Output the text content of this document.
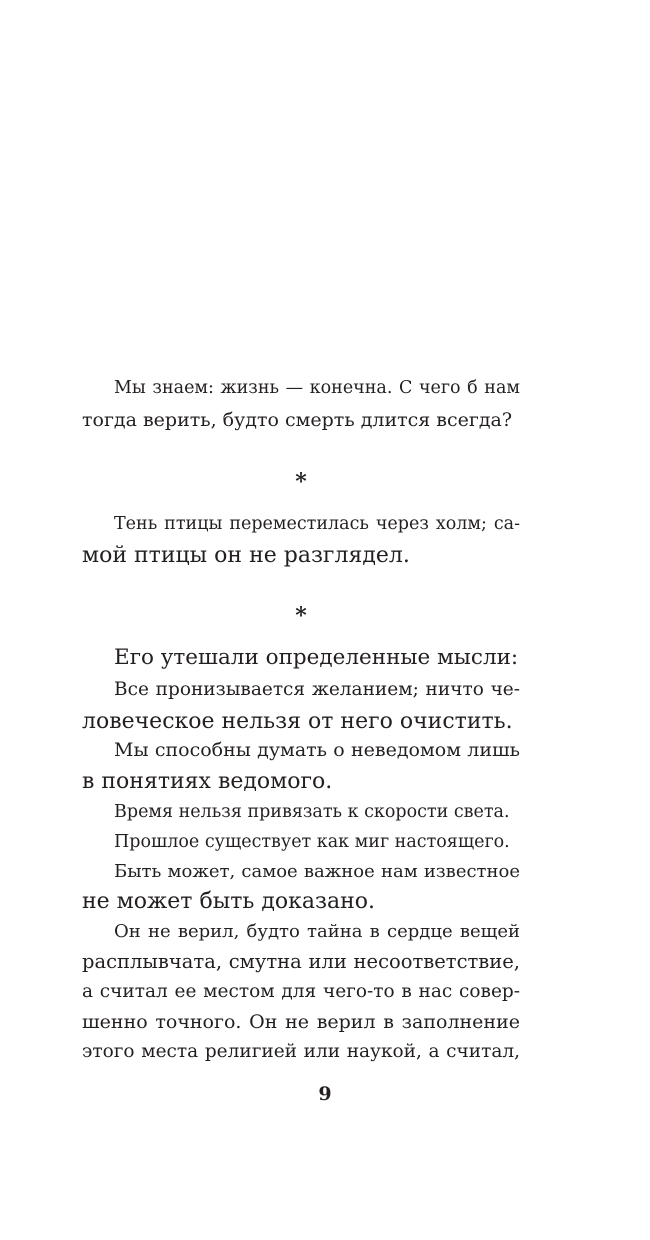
Мы знаем: жизнь — конечна. С чего б нам
тогда верить, будто смерть длится всегда?
*
Тень птицы переместилась через холм; са-
мой птицы он не разглядел.
*
Его утешали определенные мысли:
Все пронизывается желанием; ничто че-
ловеческое нельзя от него очистить.
Мы способны думать о неведомом лишь
в понятиях ведомого.
Время нельзя привязать к скорости света.
Прошлое существует как миг настоящего.
Быть может, самое важное нам известное
не может быть доказано.
Он не верил, будто тайна в сердце вещей
расплывчата, смутна или несоответствие,
а считал ее местом для чего-то в нас совер-
шенно точного. Он не верил в заполнение
этого места религией или наукой, а считал,
9
